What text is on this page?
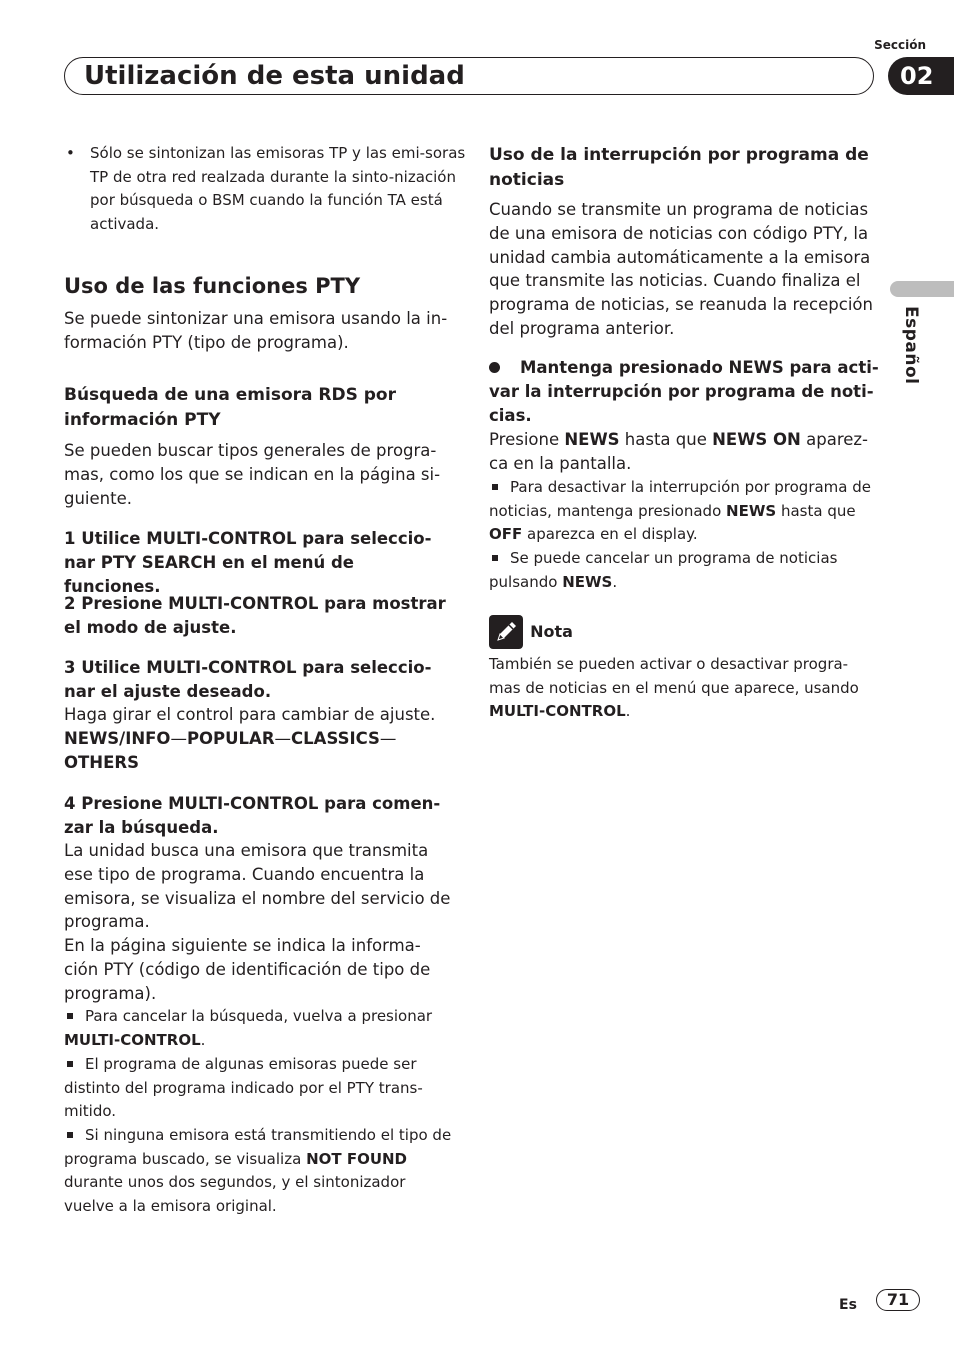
Sección
Utilización de esta unidad	02
Español
• Sólo se sintonizan las emisoras TP y las emi-soras TP de otra red realzada durante la sinto-nización por búsqueda o BSM cuando la función TA está activada.
Uso de las funciones PTY

Se puede sintonizar una emisora usando la in-formación PTY (tipo de programa).

Búsqueda de una emisora RDS por información PTY

Se pueden buscar tipos generales de progra-mas, como los que se indican en la página si-guiente.

1 Utilice MULTI-CONTROL para seleccio-nar PTY SEARCH en el menú de funciones.

2 Presione MULTI-CONTROL para mostrar el modo de ajuste.

3 Utilice MULTI-CONTROL para seleccio-nar el ajuste deseado.

Haga girar el control para cambiar de ajuste.

NEWS/INFO—POPULAR—CLASSICS—
OTHERS

4 Presione MULTI-CONTROL para comen-zar la búsqueda.

La unidad busca una emisora que transmita ese tipo de programa. Cuando encuentra la emisora, se visualiza el nombre del servicio de programa.

En la página siguiente se indica la informa-ción PTY (código de identificación de tipo de programa).

Para cancelar la búsqueda, vuelva a presionar MULTI-CONTROL.

El programa de algunas emisoras puede ser distinto del programa indicado por el PTY trans-mitido.

Si ninguna emisora está transmitiendo el tipo de programa buscado, se visualiza NOT FOUND durante unos dos segundos, y el sintonizador vuelve a la emisora original.

Uso de la interrupción por programa de noticias

Cuando se transmite un programa de noticias de una emisora de noticias con código PTY, la unidad cambia automáticamente a la emisora que transmite las noticias. Cuando finaliza el programa de noticias, se reanuda la recepción del programa anterior.

Mantenga presionado NEWS para acti-var la interrupción por programa de noti-cias.

Presione NEWS hasta que NEWS ON aparez-ca en la pantalla.

Para desactivar la interrupción por programa de noticias, mantenga presionado NEWS hasta que OFF aparezca en el display.

Se puede cancelar un programa de noticias pulsando NEWS.

Nota

También se pueden activar o desactivar progra-mas de noticias en el menú que aparece, usando MULTI-CONTROL.

Es	71
